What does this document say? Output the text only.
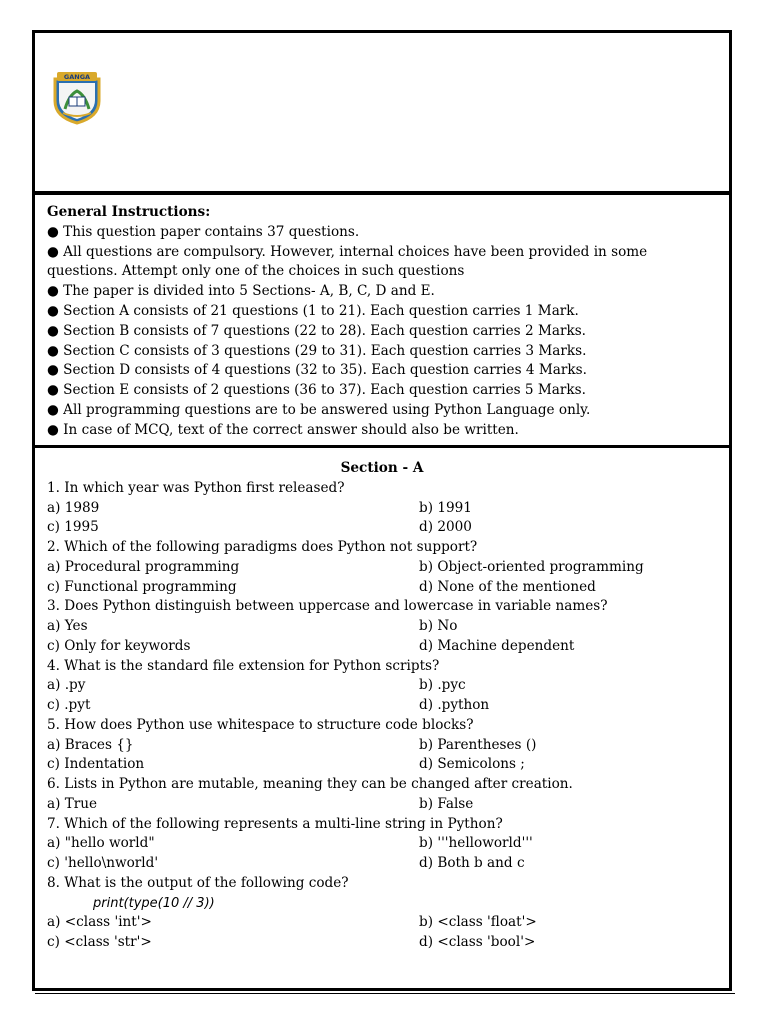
GANGA
General Instructions:
● This question paper contains 37 questions.
● All questions are compulsory. However, internal choices have been provided in some questions. Attempt only one of the choices in such questions
● The paper is divided into 5 Sections- A, B, C, D and E.
● Section A consists of 21 questions (1 to 21). Each question carries 1 Mark.
● Section B consists of 7 questions (22 to 28). Each question carries 2 Marks.
● Section C consists of 3 questions (29 to 31). Each question carries 3 Marks.
● Section D consists of 4 questions (32 to 35). Each question carries 4 Marks.
● Section E consists of 2 questions (36 to 37). Each question carries 5 Marks.
● All programming questions are to be answered using Python Language only.
● In case of MCQ, text of the correct answer should also be written.
Section - A
1. In which year was Python first released?
a) 1989	b) 1991
c) 1995	d) 2000
2. Which of the following paradigms does Python not support?
a) Procedural programming	b) Object-oriented programming
c) Functional programming	d) None of the mentioned
3. Does Python distinguish between uppercase and lowercase in variable names?
a) Yes	b) No
c) Only for keywords	d) Machine dependent
4. What is the standard file extension for Python scripts?
a) .py	b) .pyc
c) .pyt	d) .python
5. How does Python use whitespace to structure code blocks?
a) Braces {}	b) Parentheses ()
c) Indentation	d) Semicolons ;
6. Lists in Python are mutable, meaning they can be changed after creation.
a) True	b) False
7. Which of the following represents a multi-line string in Python?
a) "hello world"	b) '''helloworld'''
c) 'hello\nworld'	d) Both b and c
8. What is the output of the following code?
print(type(10 // 3))
a) <class 'int'>	b) <class 'float'>
c) <class 'str'>	d) <class 'bool'>
